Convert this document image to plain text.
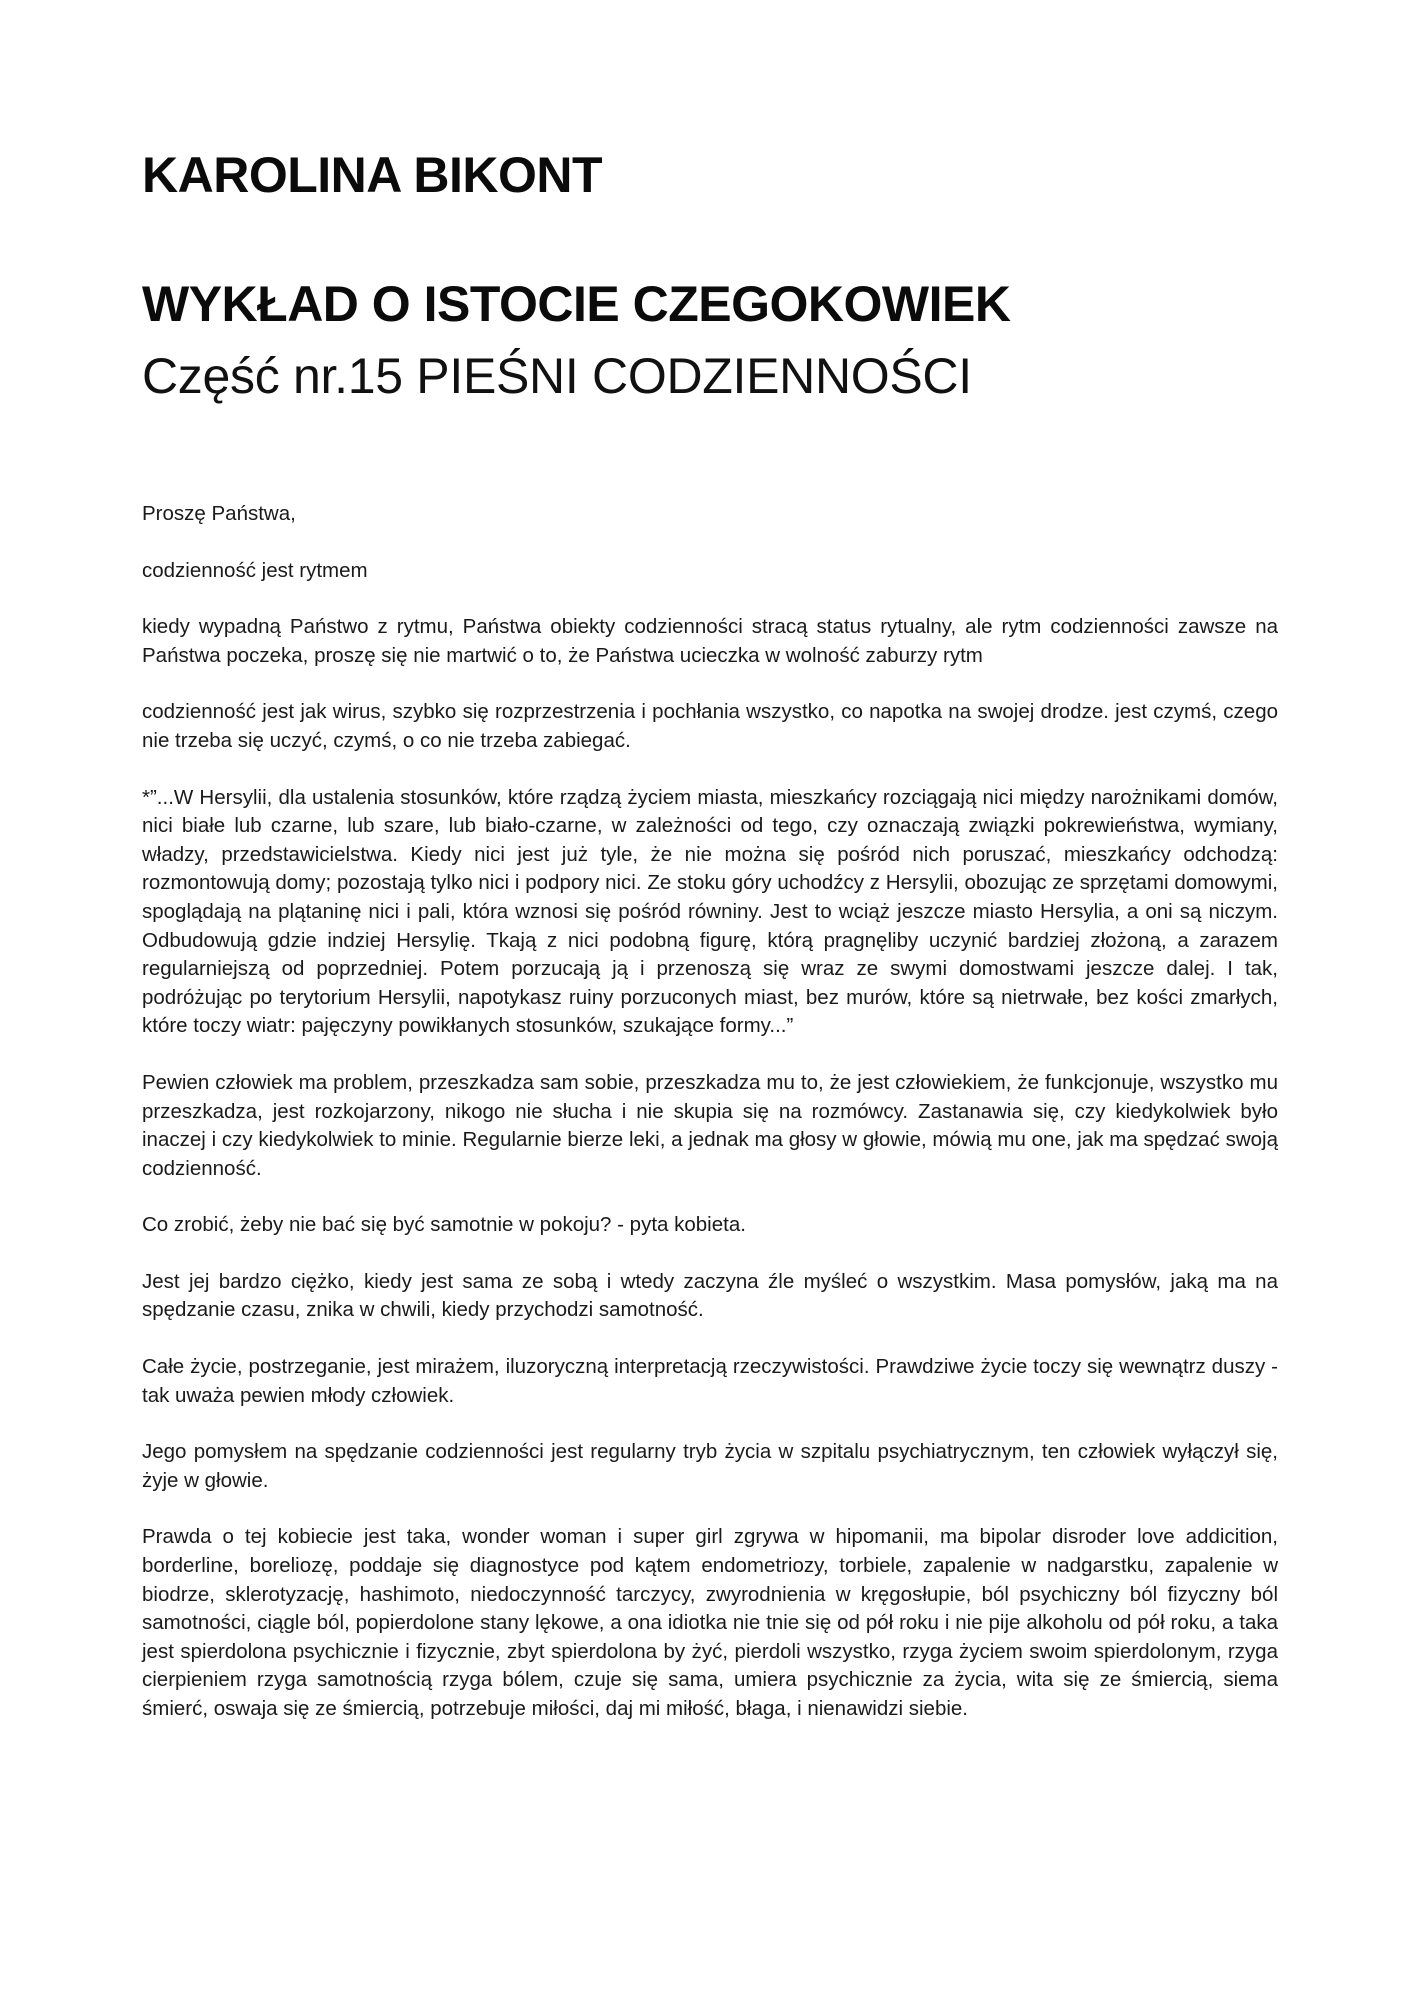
KAROLINA BIKONT
WYKŁAD O ISTOCIE CZEGOKOWIEK
Część nr.15 PIEŚNI CODZIENNOŚCI

Proszę Państwa,

codzienność jest rytmem

kiedy wypadną Państwo z rytmu, Państwa obiekty codzienności stracą status rytualny, ale rytm codzienności zawsze na Państwa poczeka, proszę się nie martwić o to, że Państwa ucieczka w wolność zaburzy rytm

codzienność jest jak wirus, szybko się rozprzestrzenia i pochłania wszystko, co napotka na swojej drodze. jest czymś, czego nie trzeba się uczyć, czymś, o co nie trzeba zabiegać.

*”...W Hersylii, dla ustalenia stosunków, które rządzą życiem miasta, mieszkańcy rozciągają nici między narożnikami domów, nici białe lub czarne, lub szare, lub biało-czarne, w zależności od tego, czy oznaczają związki pokrewieństwa, wymiany, władzy, przedstawicielstwa. Kiedy nici jest już tyle, że nie można się pośród nich poruszać, mieszkańcy odchodzą: rozmontowują domy; pozostają tylko nici i podpory nici. Ze stoku góry uchodźcy z Hersylii, obozując ze sprzętami domowymi, spoglądają na plątaninę nici i pali, która wznosi się pośród równiny. Jest to wciąż jeszcze miasto Hersylia, a oni są niczym. Odbudowują gdzie indziej Hersylię. Tkają z nici podobną figurę, którą pragnęliby uczynić bardziej złożoną, a zarazem regularniejszą od poprzedniej. Potem porzucają ją i przenoszą się wraz ze swymi domostwami jeszcze dalej. I tak, podróżując po terytorium Hersylii, napotykasz ruiny porzuconych miast, bez murów, które są nietrwałe, bez kości zmarłych, które toczy wiatr: pajęczyny powikłanych stosunków, szukające formy...”

Pewien człowiek ma problem, przeszkadza sam sobie, przeszkadza mu to, że jest człowiekiem, że funkcjonuje, wszystko mu przeszkadza, jest rozkojarzony, nikogo nie słucha i nie skupia się na rozmówcy. Zastanawia się, czy kiedykolwiek było inaczej i czy kiedykolwiek to minie. Regularnie bierze leki, a jednak ma głosy w głowie, mówią mu one, jak ma spędzać swoją codzienność.

Co zrobić, żeby nie bać się być samotnie w pokoju? - pyta kobieta.

Jest jej bardzo ciężko, kiedy jest sama ze sobą i wtedy zaczyna źle myśleć o wszystkim. Masa pomysłów, jaką ma na spędzanie czasu, znika w chwili, kiedy przychodzi samotność.

Całe życie, postrzeganie, jest mirażem, iluzoryczną interpretacją rzeczywistości. Prawdziwe życie toczy się wewnątrz duszy - tak uważa pewien młody człowiek.

Jego pomysłem na spędzanie codzienności jest regularny tryb życia w szpitalu psychiatrycznym, ten człowiek wyłączył się, żyje w głowie.

Prawda o tej kobiecie jest taka, wonder woman i super girl zgrywa w hipomanii, ma bipolar disroder love addicition, borderline, boreliozę, poddaje się diagnostyce pod kątem endometriozy, torbiele, zapalenie w nadgarstku, zapalenie w biodrze, sklerotyzację, hashimoto, niedoczynność tarczycy, zwyrodnienia w kręgosłupie, ból psychiczny ból fizyczny ból samotności, ciągle ból, popierdolone stany lękowe, a ona idiotka nie tnie się od pół roku i nie pije alkoholu od pół roku, a taka jest spierdolona psychicznie i fizycznie, zbyt spierdolona by żyć, pierdoli wszystko, rzyga życiem swoim spierdolonym, rzyga cierpieniem rzyga samotnością rzyga bólem, czuje się sama, umiera psychicznie za życia, wita się ze śmiercią, siema śmierć, oswaja się ze śmiercią, potrzebuje miłości, daj mi miłość, błaga, i nienawidzi siebie.
